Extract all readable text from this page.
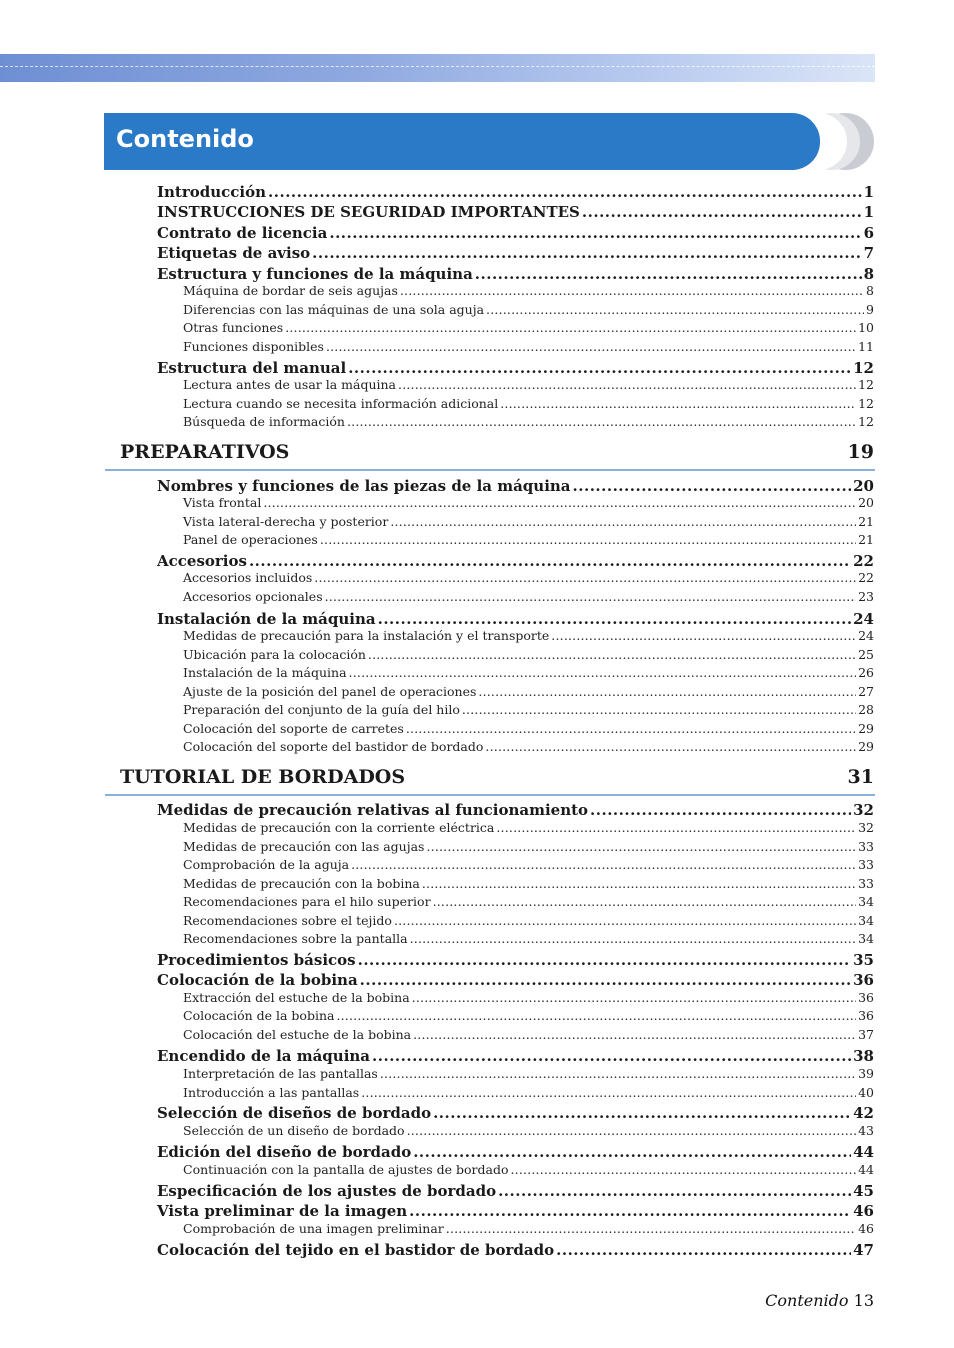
Contenido
Introducción .....	1
INSTRUCCIONES DE SEGURIDAD IMPORTANTES .....	1
Contrato de licencia .....	6
Etiquetas de aviso .....	7
Estructura y funciones de la máquina .....	8
Máquina de bordar de seis agujas .....	8
Diferencias con las máquinas de una sola aguja .....	9
Otras funciones .....	10
Funciones disponibles .....	11
Estructura del manual .....	12
Lectura antes de usar la máquina .....	12
Lectura cuando se necesita información adicional .....	12
Búsqueda de información .....	12
PREPARATIVOS	19
Nombres y funciones de las piezas de la máquina .....	20
Vista frontal .....	20
Vista lateral-derecha y posterior .....	21
Panel de operaciones .....	21
Accesorios .....	22
Accesorios incluidos .....	22
Accesorios opcionales .....	23
Instalación de la máquina .....	24
Medidas de precaución para la instalación y el transporte .....	24
Ubicación para la colocación .....	25
Instalación de la máquina .....	26
Ajuste de la posición del panel de operaciones .....	27
Preparación del conjunto de la guía del hilo .....	28
Colocación del soporte de carretes .....	29
Colocación del soporte del bastidor de bordado .....	29
TUTORIAL DE BORDADOS	31
Medidas de precaución relativas al funcionamiento .....	32
Medidas de precaución con la corriente eléctrica .....	32
Medidas de precaución con las agujas .....	33
Comprobación de la aguja .....	33
Medidas de precaución con la bobina .....	33
Recomendaciones para el hilo superior .....	34
Recomendaciones sobre el tejido .....	34
Recomendaciones sobre la pantalla .....	34
Procedimientos básicos .....	35
Colocación de la bobina .....	36
Extracción del estuche de la bobina .....	36
Colocación de la bobina .....	36
Colocación del estuche de la bobina .....	37
Encendido de la máquina .....	38
Interpretación de las pantallas .....	39
Introducción a las pantallas .....	40
Selección de diseños de bordado .....	42
Selección de un diseño de bordado .....	43
Edición del diseño de bordado .....	44
Continuación con la pantalla de ajustes de bordado .....	44
Especificación de los ajustes de bordado .....	45
Vista preliminar de la imagen .....	46
Comprobación de una imagen preliminar .....	46
Colocación del tejido en el bastidor de bordado .....	47
Contenido 13
